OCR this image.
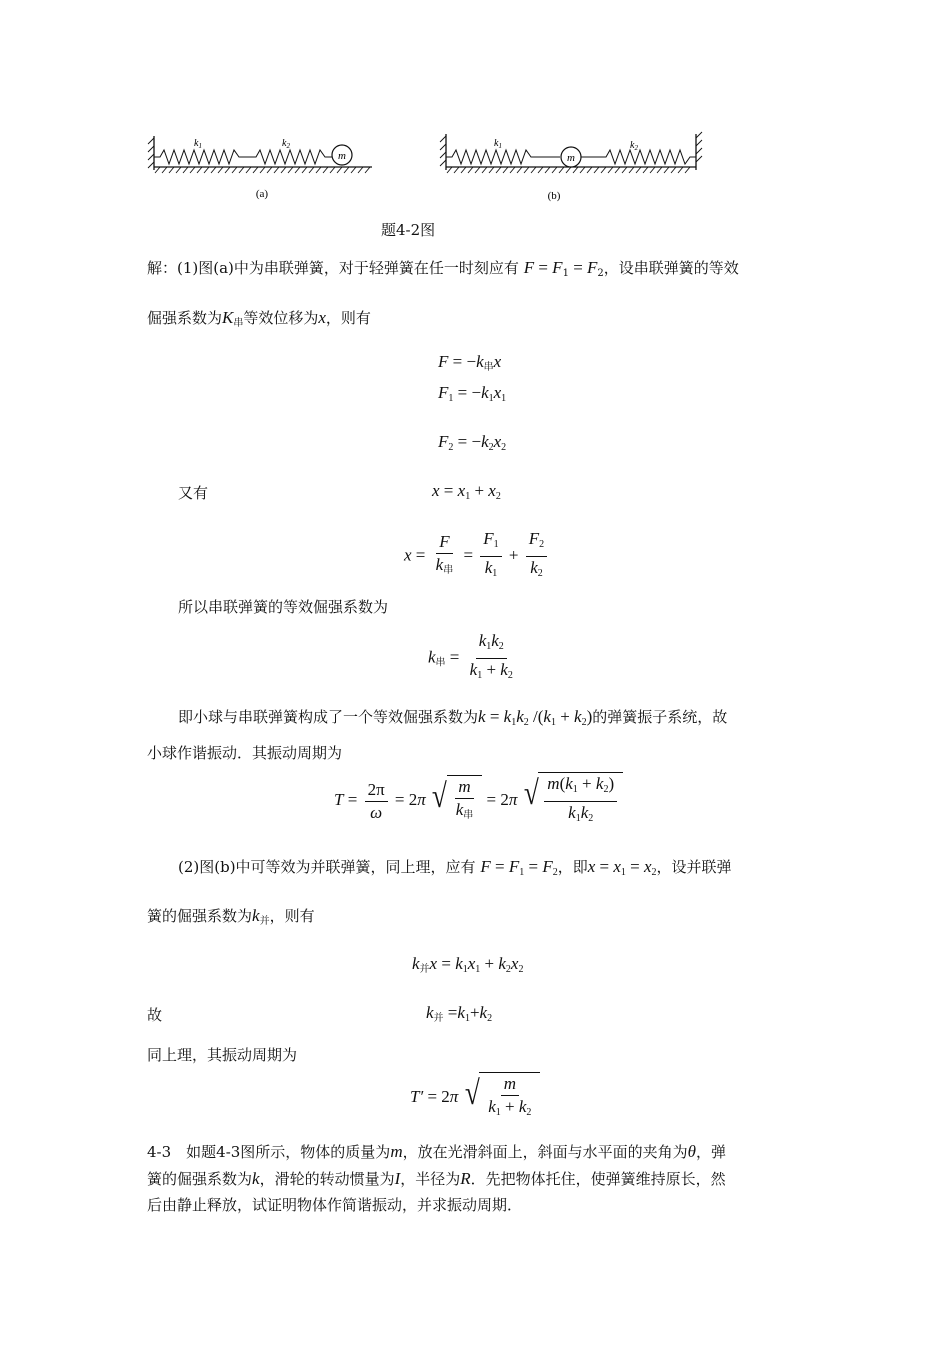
m
$k_1$	$k_2$
(a)
m
$k_1$	$k_2$
(b)
题4-2图
解：(1)图(a)中为串联弹簧，对于轻弹簧在任一时刻应有 $F = F_1 = F_2$，设串联弹簧的等效
倔强系数为$K_串$等效位移为x，则有
$F = -k_串x$
$F_1 = -k_1x_1$
$F_2 = -k_2x_2$
又有	$x = x_1 + x_2$
$x = \frac{F}{k_串} = \frac{F_1}{k_1} + \frac{F_2}{k_2}$
所以串联弹簧的等效倔强系数为
$k_串 = \frac{k_1k_2}{k_1 + k_2}$
即小球与串联弹簧构成了一个等效倔强系数为$k = k_1k_2$ $/(k_1 + k_2)$的弹簧振子系统，故
小球作谐振动．其振动周期为
$T = \frac{2\pi}{\omega} = 2\pi$ √ $\frac{m}{k_串} = 2\pi$ √ $\frac{m(k_1 + k_2)}{k_1k_2}$
(2)图(b)中可等效为并联弹簧，同上理，应有 $F = F_1 = F_2$，即$x = x_1 = x_2$，设并联弹
簧的倔强系数为$k_并$，则有
$k_并x = k_1x_1 + k_2x_2$
故	$k_并 =k_1+k_2$
同上理，其振动周期为
T′ = 2π √ $\frac{m}{k_1 + k_2}$
4-3　如题4-3图所示，物体的质量为m，放在光滑斜面上，斜面与水平面的夹角为θ，弹
簧的倔强系数为k，滑轮的转动惯量为I，半径为R．先把物体托住，使弹簧维持原长，然
后由静止释放，试证明物体作简谐振动，并求振动周期．
